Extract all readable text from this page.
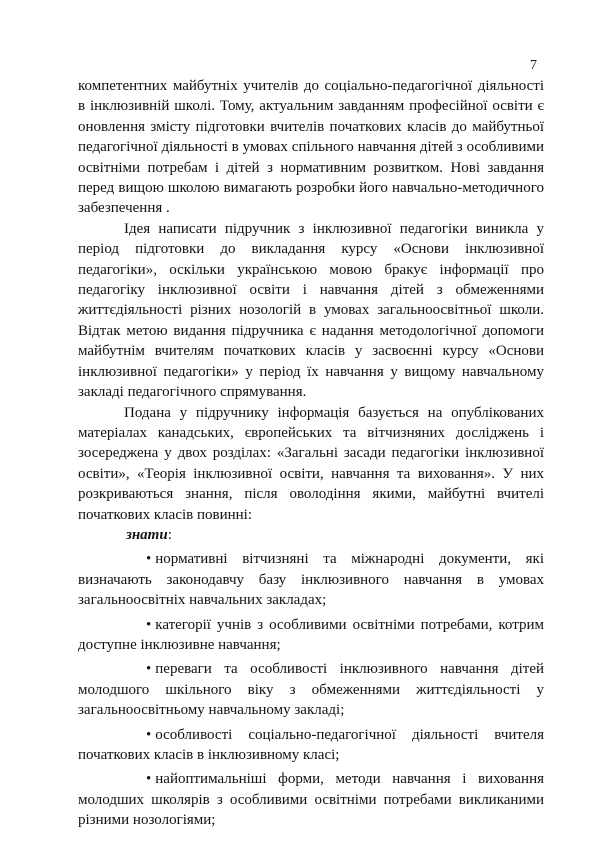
7

компетентних майбутніх учителів до соціально-педагогічної діяльності в інклюзивній школі. Тому, актуальним завданням професійної освіти є оновлення змісту підготовки вчителів початкових класів до майбутньої педагогічної діяльності в умовах спільного навчання дітей з особливими освітніми потребам і дітей з нормативним розвитком. Нові завдання перед вищою школою вимагають розробки його навчально-методичного забезпечення .

Ідея написати підручник з інклюзивної педагогіки виникла у період підготовки до викладання курсу «Основи інклюзивної педагогіки», оскільки українською мовою бракує інформації про педагогіку інклюзивної освіти і навчання дітей з обмеженнями життєдіяльності різних нозологій в умовах загальноосвітньої школи. Відтак метою видання підручника є надання методологічної допомоги майбутнім вчителям початкових класів у засвоєнні курсу «Основи інклюзивної педагогіки» у період їх навчання у вищому навчальному закладі педагогічного спрямування.

Подана у підручнику інформація базується на опублікованих матеріалах канадських, європейських та вітчизняних досліджень і зосереджена у двох розділах: «Загальні засади педагогіки інклюзивної освіти», «Теорія інклюзивної освіти, навчання та виховання». У них розкриваються знання, після оволодіння якими, майбутні вчителі початкових класів повинні:

знати:

• нормативні вітчизняні та міжнародні документи, які визначають законодавчу базу інклюзивного навчання в умовах загальноосвітніх навчальних закладах;

• категорії учнів з особливими освітніми потребами, котрим доступне інклюзивне навчання;

• переваги та особливості інклюзивного навчання дітей молодшого шкільного віку з обмеженнями життєдіяльності у загальноосвітньому навчальному закладі;

• особливості соціально-педагогічної діяльності вчителя початкових класів в інклюзивному класі;

• найоптимальніші форми, методи навчання і виховання молодших школярів з особливими освітніми потребами викликаними різними нозологіями;
